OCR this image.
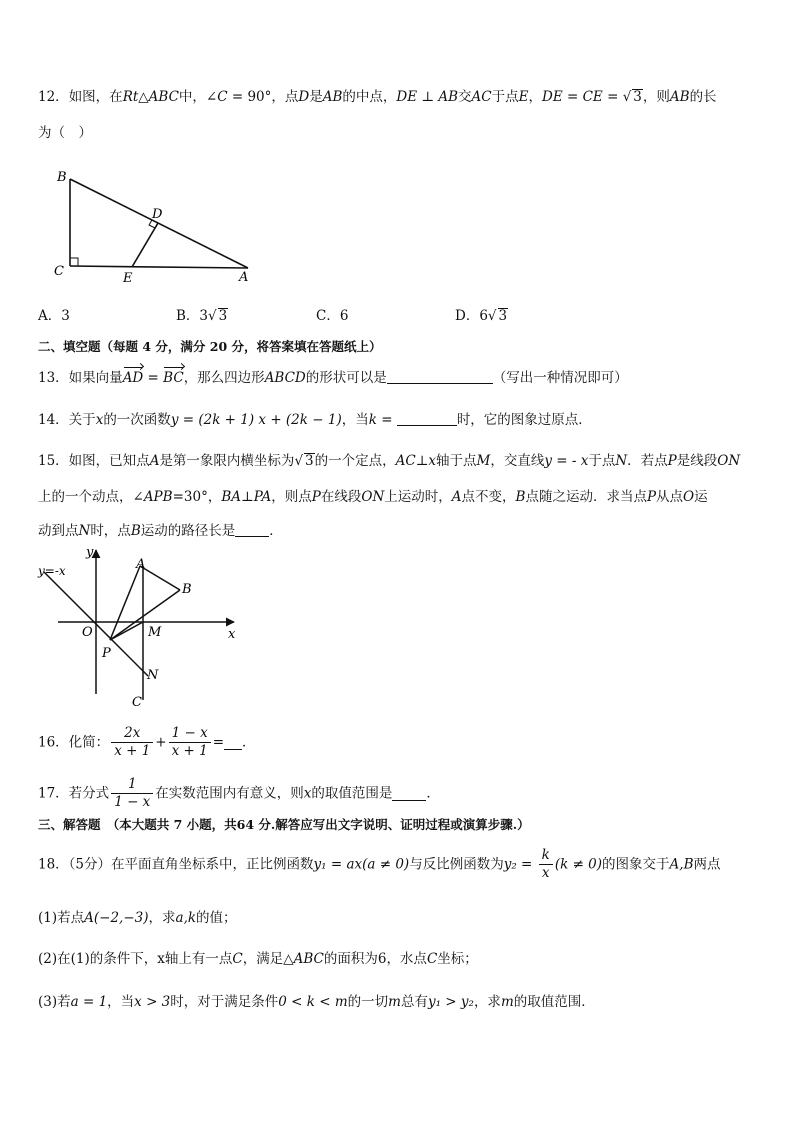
12．如图，在Rt△ABC中，∠C = 90°，点D是AB的中点，DE ⊥ AB交AC于点E，DE = CE = √ 3，则AB的长
为（　）
B
C
D
E	A
A．3	B．3√ 3	C．6	D．6√ 3
二、填空题（每题 4 分，满分 20 分，将答案填在答题纸上）
13．如果向量AD = BC，那么四边形ABCD的形状可以是	（写出一种情况即可）
14．关于x的一次函数y = (2k + 1) x + (2k − 1)，当k =	时，它的图象过原点．
15．如图，已知点A是第一象限内横坐标为√ 3的一个定点，AC⊥x轴于点M，交直线y = - x于点N．若点P是线段ON
上的一个动点，∠APB=30°，BA⊥PA，则点P在线段ON上运动时，A点不变，B点随之运动．求当点P从点O运
动到点N时，点B运动的路径长是	．
y=-x
y
x
O
A
B
M
P
N
C
16．化简： $\frac{2x}{x + 1} + \frac{1 - x}{x + 1}$ = ．
17．若分式 $\frac{1}{1 - x}$ 在实数范围内有意义，则x的取值范围是	．
三、解答题　（本大题共 7 小题，共64 分.解答应写出文字说明、证明过程或演算步骤.）
18．（5分）在平面直角坐标系中，正比例函数y₁ = ax(a ≠ 0)与反比例函数为$y_2 = \frac{k}{x} (k \ne 0)$的图象交于A,B两点
(1)若点A(−2,−3)，求a,k的值；
(2)在(1)的条件下，x轴上有一点C，满足△ABC的面积为6，水点C坐标；
(3)若a = 1，当x > 3时，对于满足条件0 < k < m的一切m总有y₁ > y₂，求m的取值范围．
